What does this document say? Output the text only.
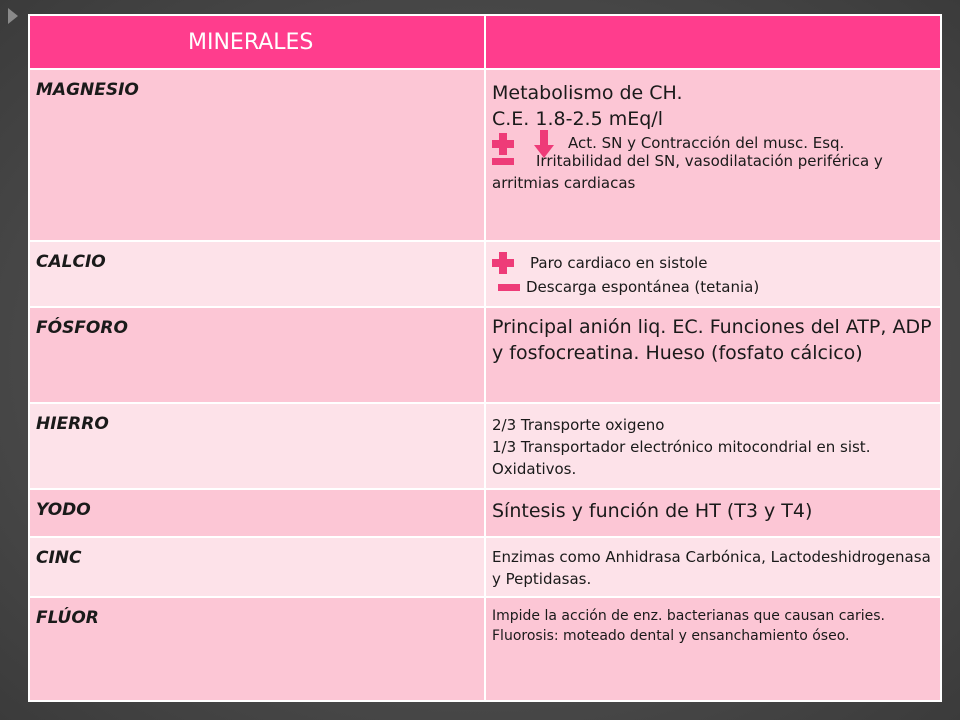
MINERALES	

MAGNESIO	Metabolismo de CH.
C.E. 1.8-2.5 mEq/l
Act. SN y Contracción del musc. Esq.
Irritabilidad del SN, vasodilatación periférica y arritmias cardiacas

CALCIO	Paro cardiaco en sistole
Descarga espontánea (tetania)

FÓSFORO	Principal anión liq. EC. Funciones del ATP, ADP y fosfocreatina. Hueso (fosfato cálcico)

HIERRO	2/3 Transporte oxigeno
1/3 Transportador electrónico mitocondrial en sist. Oxidativos.

YODO	Síntesis y función de HT (T3 y T4)

CINC	Enzimas como Anhidrasa Carbónica, Lactodeshidrogenasa y Peptidasas.

FLÚOR	Impide la acción de enz. bacterianas que causan caries.
Fluorosis: moteado dental y ensanchamiento óseo.
